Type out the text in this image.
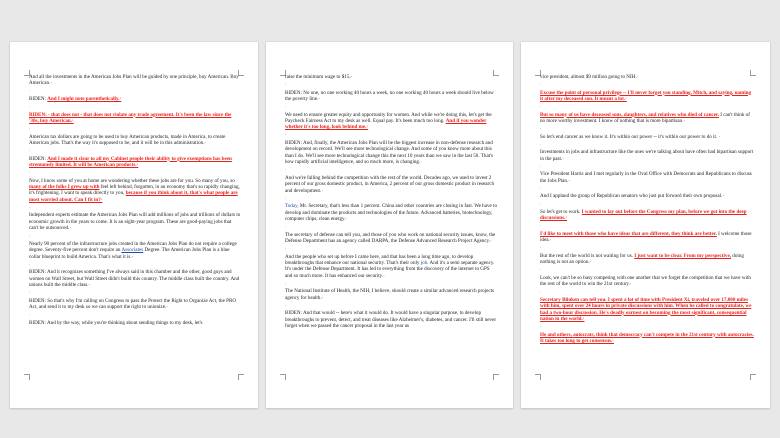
And all the investments in the American Jobs Plan will be guided by one principle, buy American. Buy American.·
·
BIDEN: And I might note parenthetically.·
·
BIDEN: - that does not - that does not violate any trade agreement. It's been the law since the '30s, buy American.·
·
American tax dollars are going to be used to buy American products, made in America, to create American jobs. That's the way it's supposed to be, and it will be in this administration.·
·
BIDEN: And I made it clear to all my Cabinet people their ability to give exemptions has been strenuously limited. It will be American products.·
·
Now, I know some of you at home are wondering whether these jobs are for you. So many of you, so many of the folks I grew up with feel left behind, forgotten, in an economy that's so rapidly changing, it's frightening. I want to speak directly to you, because if you think about it, that's what people are most worried about. Can I fit in?·
·
Independent experts estimate the American Jobs Plan will add millions of jobs and trillions of dollars to economic growth in the years to come. It is an eight-year program. These are good-paying jobs that can't be outsourced.·
·
Nearly 90 percent of the infrastructure jobs created in the American Jobs Plan do not require a college degree. Seventy-five percent don't require an Associates Degree. The American Jobs Plan is a blue collar blueprint to build America. That's what it is.·
·
BIDEN: And it recognizes something I've always said in this chamber and the other, good guys and women on Wall Street, but Wall Street didn't build this country. The middle class built the country. And unions built the middle class.·
·
BIDEN: So that's why I'm calling on Congress to pass the Protect the Right to Organize Act, the PRO Act, and send it to my desk so we can support the right to unionize.·
·
BIDEN: And by the way, while you're thinking about sending things to my desk, let's
raise the minimum wage to $15.·
·
BIDEN: No one, no one working 40 hours a week, no one working 40 hours a week should live below the poverty line.·
·
We need to ensure greater equity and opportunity for women. And while we're doing this, let's get the Paycheck Fairness Act to my desk as well. Equal pay. It's been much too long. And if you wonder whether it's too long, look behind me.·
·
BIDEN: And, finally, the American Jobs Plan will be the biggest increase in non-defense research and development on record. We'll see more technological change. And some of you know more about this than I do. We'll see more technological change this the next 10 years than we saw in the last 50. That's how rapidly artificial intelligence, and so much more, is changing.·
·
And we're falling behind the competition with the rest of the world. Decades ago, we used to invest 2 percent of our gross domestic product, in America, 2 percent of our gross domestic product in research and development.·
·
Today, Mr. Secretary, that's less than 1 percent. China and other countries are closing in fast. We have to develop and dominate the products and technologies of the future. Advanced batteries, biotechnology, computer chips, clean energy.·
·
The secretary of defense can tell you, and those of you who work on national security issues, know, the Defense Department has an agency called DARPA, the Defense Advanced Research Project Agency.·
·
And the people who set up before I came here, and that has been a long time ago, to develop breakthroughs that enhance our national security. That's their only job. And it's a semi separate agency. It's under the Defense Department. It has led to everything from the discovery of the internet to GPS and so much more. It has enhanced our security.·
·
The National Institute of Health, the NIH, I believe, should create a similar advanced research projects agency for health.·
·
BIDEN: And that would -- here's what it would do. It would have a singular purpose, to develop breakthroughs to prevent, detect, and treat diseases like Alzheimer's, diabetes, and cancer. I'll still never forget when we passed the cancer proposal in the last year as
vice president, almost $9 million going to NIH.·
·
Excuse the point of personal privilege -- I'll never forget you standing, Mitch, and saying, naming it after my deceased son. It meant a lot.·
·
But so many of us have deceased sons, daughters, and relatives who died of cancer. I can't think of no more worthy investment. I know of nothing that is more bipartisan.·
·
So let's end cancer as we know it. It's within our power -- it's within our power to do it. ·
·
Investments in jobs and infrastructure like the ones we're talking about have often had bipartisan support in the past.·
·
Vice President Harris and I met regularly in the Oval Office with Democrats and Republicans to discuss the Jobs Plan.·
·
And I applaud the group of Republican senators who just put forward their own proposal.·
·
So let's get to work. I wanted to lay out before the Congress my plan, before we got into the deep discussions.·
·
I'd like to meet with those who have ideas that are different, they think are better. I welcome those idea.·
·
But the rest of the world is not waiting for us. I just want to be clear. From my perspective, doing nothing is not an option.·
·
Look, we can't be so busy competing with one another that we forget the competition that we have with the rest of the world to win the 21st century.·
·
Secretary Blinken can tell you. I spent a lot of time with President Xi, traveled over 17,000 miles with him, spent over 24 hours in private discussions with him. When he called to congratulate, we had a two-hour discussion. He's deadly earnest on becoming the most significant, consequential nation in the world.·
·
He and others, autocrats, think that democracy can't compete in the 21st century with autocracies. It takes too long to get consensus.·
